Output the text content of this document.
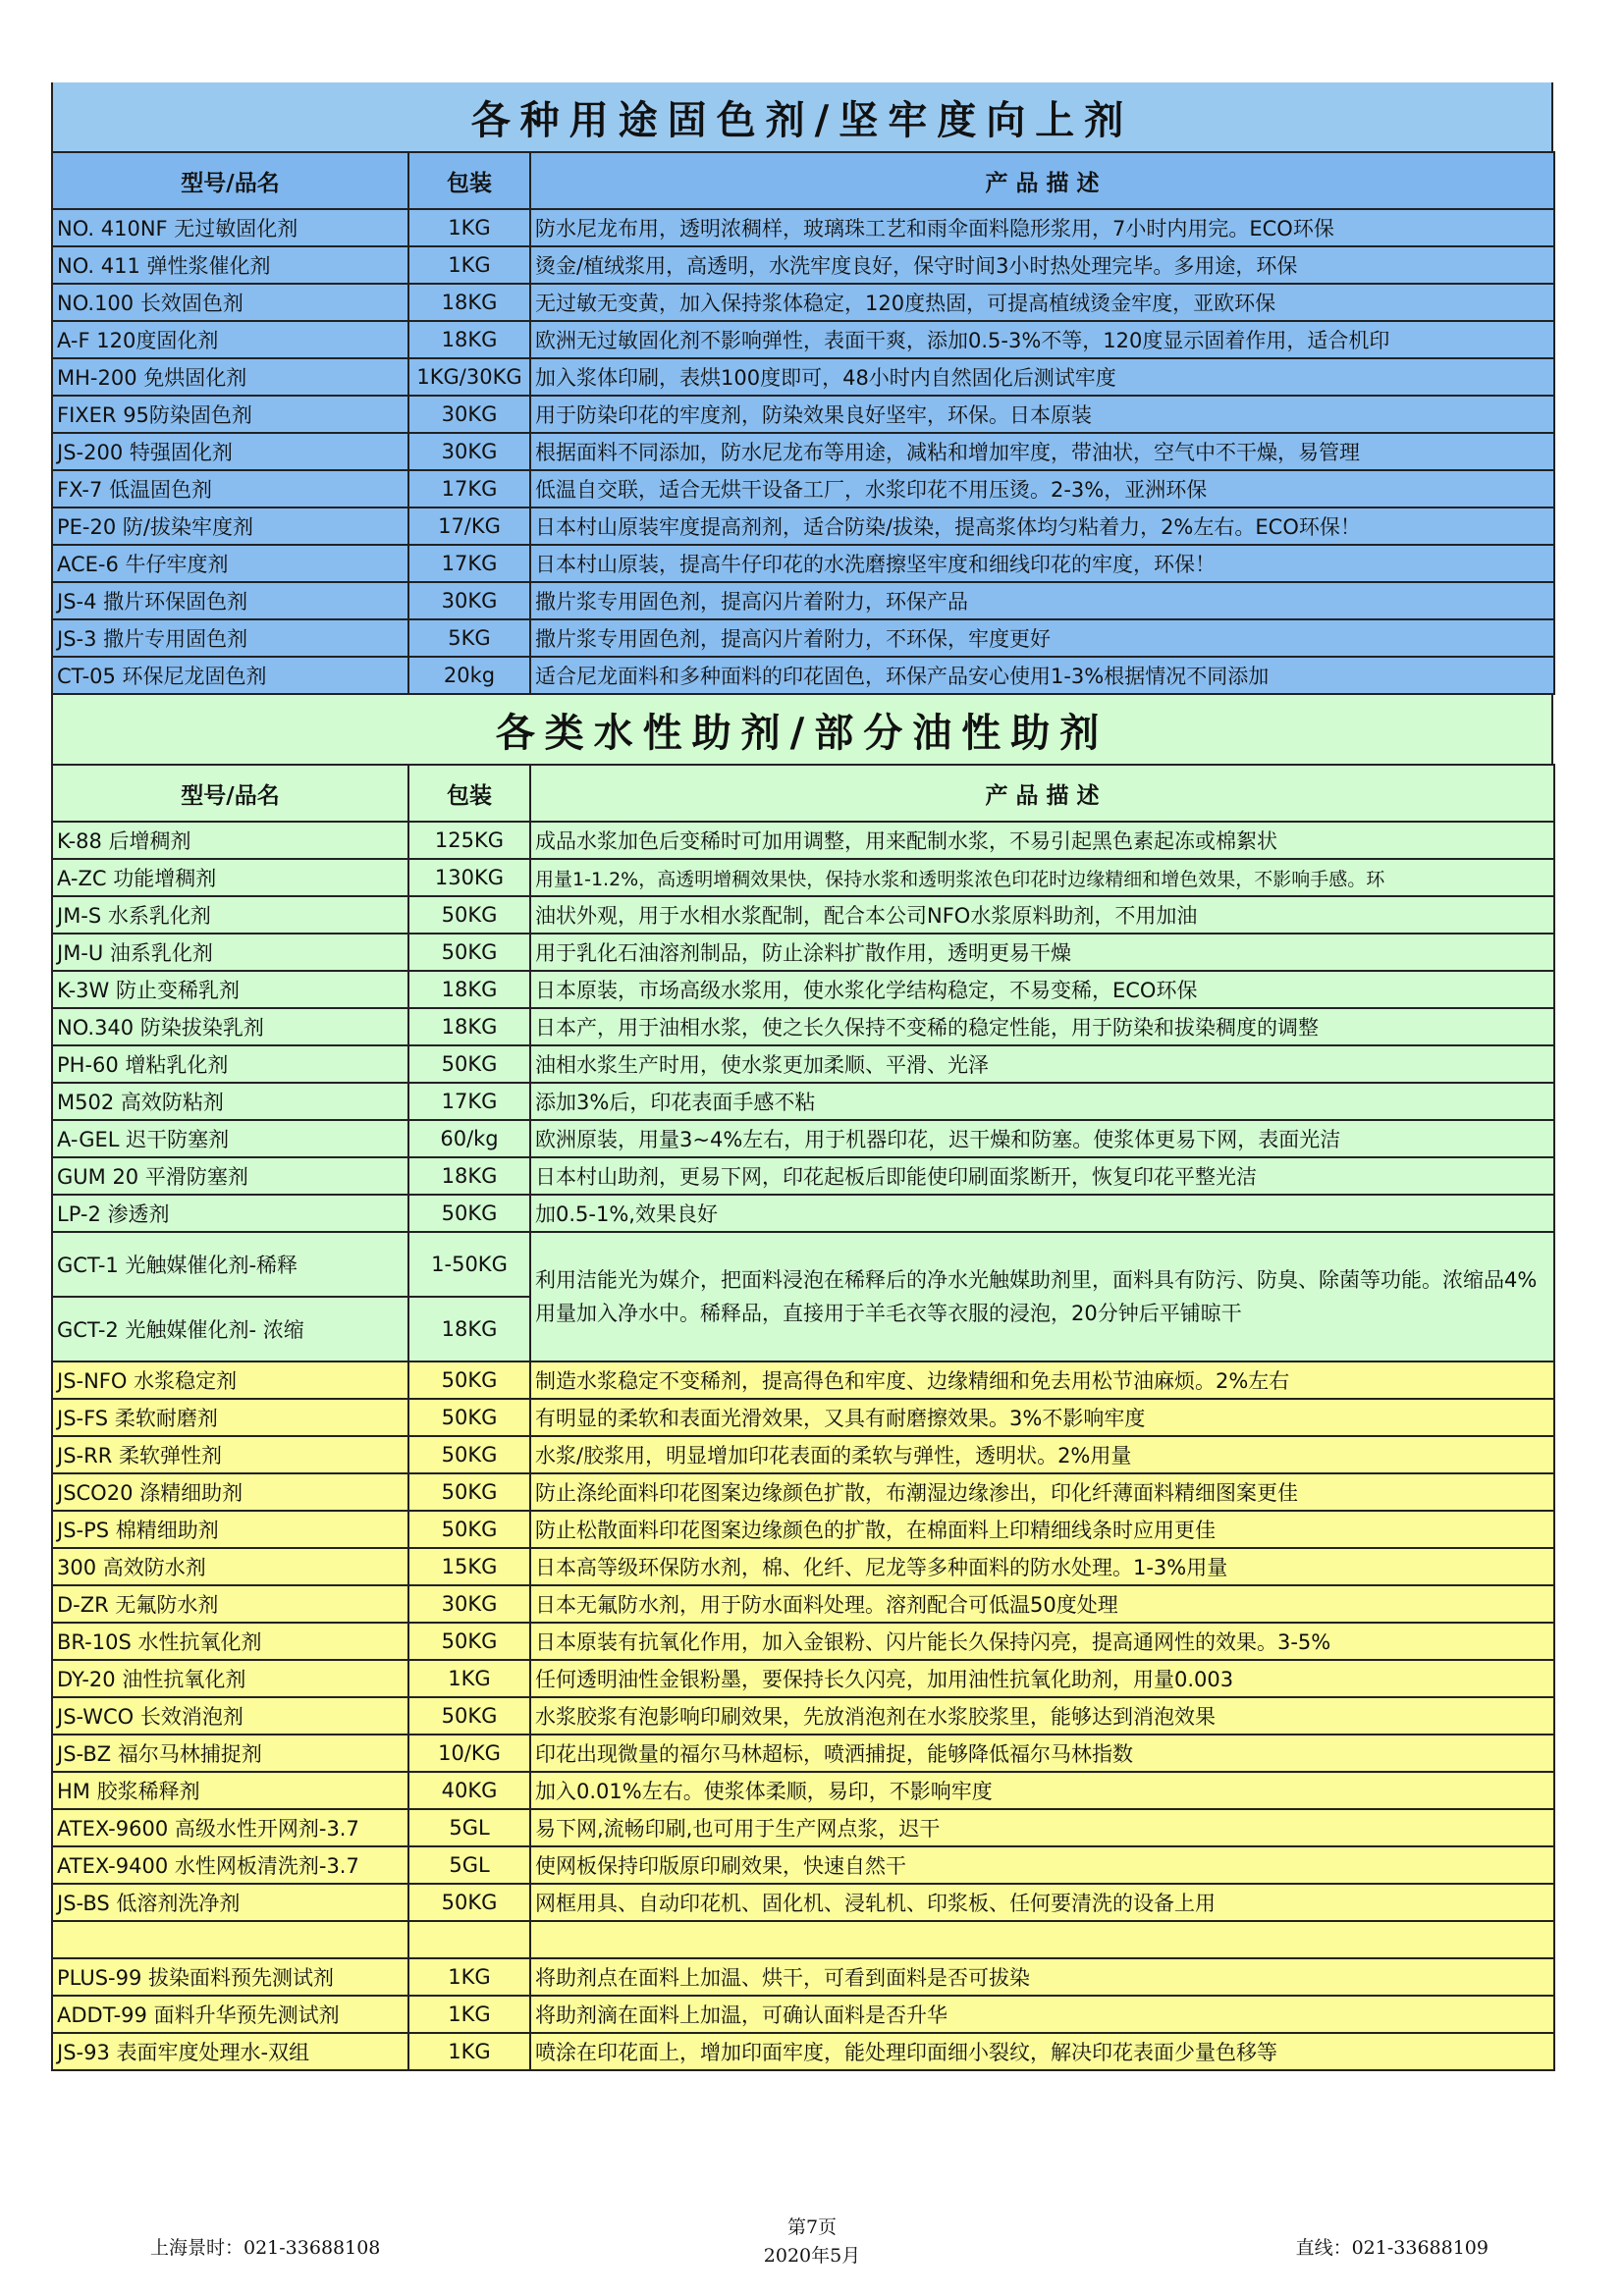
各种用途固色剂/坚牢度向上剂
型号/品名	包装	产 品 描 述
NO. 410NF 无过敏固化剂	1KG	防水尼龙布用，透明浓稠样，玻璃珠工艺和雨伞面料隐形浆用，7小时内用完。ECO环保
NO. 411 弹性浆催化剂	1KG	烫金/植绒浆用，高透明，水洗牢度良好，保守时间3小时热处理完毕。多用途，环保
NO.100 长效固色剂	18KG	无过敏无变黄，加入保持浆体稳定，120度热固，可提高植绒烫金牢度，亚欧环保
A-F 120度固化剂	18KG	欧洲无过敏固化剂不影响弹性，表面干爽，添加0.5-3%不等，120度显示固着作用，适合机印
MH-200 免烘固化剂	1KG/30KG	加入浆体印刷，表烘100度即可，48小时内自然固化后测试牢度
FIXER 95防染固色剂	30KG	用于防染印花的牢度剂，防染效果良好坚牢，环保。日本原装
JS-200 特强固化剂	30KG	根据面料不同添加，防水尼龙布等用途，减粘和增加牢度，带油状，空气中不干燥，易管理
FX-7 低温固色剂	17KG	低温自交联，适合无烘干设备工厂，水浆印花不用压烫。2-3%，亚洲环保
PE-20 防/拔染牢度剂	17/KG	日本村山原装牢度提高剂剂，适合防染/拔染，提高浆体均匀粘着力，2%左右。ECO环保！
ACE-6 牛仔牢度剂	17KG	日本村山原装，提高牛仔印花的水洗磨擦坚牢度和细线印花的牢度，环保！
JS-4 撒片环保固色剂	30KG	撒片浆专用固色剂，提高闪片着附力，环保产品
JS-3 撒片专用固色剂	5KG	撒片浆专用固色剂，提高闪片着附力，不环保，牢度更好
CT-05 环保尼龙固色剂	20kg	适合尼龙面料和多种面料的印花固色，环保产品安心使用1-3%根据情况不同添加
各类水性助剂/部分油性助剂
型号/品名	包装	产 品 描 述
K-88 后增稠剂	125KG	成品水浆加色后变稀时可加用调整，用来配制水浆，不易引起黑色素起冻或棉絮状
A-ZC 功能增稠剂	130KG	用量1-1.2%，高透明增稠效果快，保持水浆和透明浆浓色印花时边缘精细和增色效果，不影响手感。环
JM-S 水系乳化剂	50KG	油状外观，用于水相水浆配制，配合本公司NFO水浆原料助剂，不用加油
JM-U 油系乳化剂	50KG	用于乳化石油溶剂制品，防止涂料扩散作用，透明更易干燥
K-3W 防止变稀乳剂	18KG	日本原装，市场高级水浆用，使水浆化学结构稳定，不易变稀，ECO环保
NO.340 防染拔染乳剂	18KG	日本产，用于油相水浆，使之长久保持不变稀的稳定性能，用于防染和拔染稠度的调整
PH-60 增粘乳化剂	50KG	油相水浆生产时用，使水浆更加柔顺、平滑、光泽
M502 高效防粘剂	17KG	添加3%后，印花表面手感不粘
A-GEL 迟干防塞剂	60/kg	欧洲原装，用量3~4%左右，用于机器印花，迟干燥和防塞。使浆体更易下网，表面光洁
GUM 20 平滑防塞剂	18KG	日本村山助剂，更易下网，印花起板后即能使印刷面浆断开，恢复印花平整光洁
LP-2 渗透剂	50KG	加0.5-1%,效果良好
GCT-1 光触媒催化剂-稀释	1-50KG	利用洁能光为媒介，把面料浸泡在稀释后的净水光触媒助剂里，面料具有防污、防臭、除菌等功能。浓缩品4%用量加入净水中。稀释品，直接用于羊毛衣等衣服的浸泡，20分钟后平铺晾干
GCT-2 光触媒催化剂- 浓缩	18KG	
JS-NFO 水浆稳定剂	50KG	制造水浆稳定不变稀剂，提高得色和牢度、边缘精细和免去用松节油麻烦。2%左右
JS-FS 柔软耐磨剂	50KG	有明显的柔软和表面光滑效果，又具有耐磨擦效果。3%不影响牢度
JS-RR 柔软弹性剂	50KG	水浆/胶浆用，明显增加印花表面的柔软与弹性，透明状。2%用量
JSCO20 涤精细助剂	50KG	防止涤纶面料印花图案边缘颜色扩散，布潮湿边缘渗出，印化纤薄面料精细图案更佳
JS-PS 棉精细助剂	50KG	防止松散面料印花图案边缘颜色的扩散，在棉面料上印精细线条时应用更佳
300 高效防水剂	15KG	日本高等级环保防水剂，棉、化纤、尼龙等多种面料的防水处理。1-3%用量
D-ZR 无氟防水剂	30KG	日本无氟防水剂，用于防水面料处理。溶剂配合可低温50度处理
BR-10S 水性抗氧化剂	50KG	日本原装有抗氧化作用，加入金银粉、闪片能长久保持闪亮，提高通网性的效果。3-5%
DY-20 油性抗氧化剂	1KG	任何透明油性金银粉墨，要保持长久闪亮，加用油性抗氧化助剂，用量0.003
JS-WCO 长效消泡剂	50KG	水浆胶浆有泡影响印刷效果，先放消泡剂在水浆胶浆里，能够达到消泡效果
JS-BZ 福尔马林捕捉剂	10/KG	印花出现微量的福尔马林超标，喷洒捕捉，能够降低福尔马林指数
HM 胶浆稀释剂	40KG	加入0.01%左右。使浆体柔顺，易印，不影响牢度
ATEX-9600 高级水性开网剂-3.7	5GL	易下网,流畅印刷,也可用于生产网点浆，迟干
ATEX-9400 水性网板清洗剂-3.7	5GL	使网板保持印版原印刷效果，快速自然干
JS-BS 低溶剂洗净剂	50KG	网框用具、自动印花机、固化机、浸轧机、印浆板、任何要清洗的设备上用

PLUS-99 拔染面料预先测试剂	1KG	将助剂点在面料上加温、烘干，可看到面料是否可拔染
ADDT-99 面料升华预先测试剂	1KG	将助剂滴在面料上加温，可确认面料是否升华
JS-93 表面牢度处理水-双组	1KG	喷涂在印花面上，增加印面牢度，能处理印面细小裂纹，解决印花表面少量色移等
上海景时：021-33688108
第7页
2020年5月	直线：021-33688109
